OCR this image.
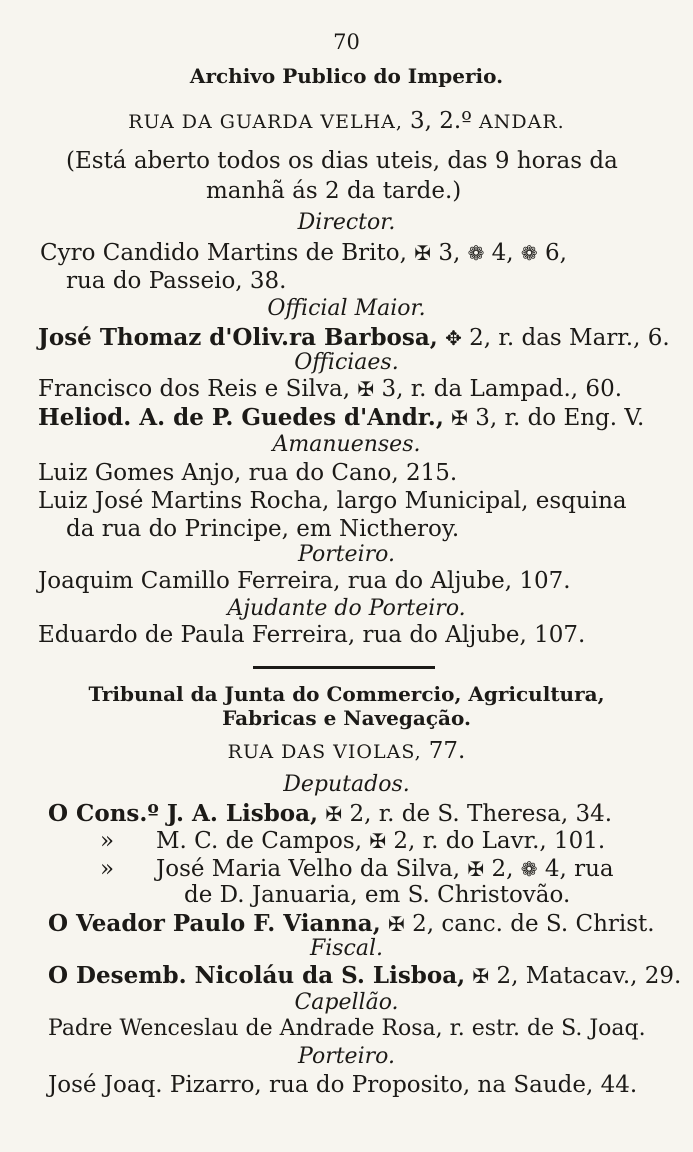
70
Archivo Publico do Imperio.
RUA DA GUARDA VELHA, 3, 2.º ANDAR.
(Está aberto todos os dias uteis, das 9 horas da
manhã ás 2 da tarde.)
Director.
Cyro Candido Martins de Brito, ✠ 3, ❁ 4, ❁ 6,
rua do Passeio, 38.
Official Maior.
José Thomaz d'Oliv.ra Barbosa, ✥ 2, r. das Marr., 6.
Officiaes.
Francisco dos Reis e Silva, ✠ 3, r. da Lampad., 60.
Heliod. A. de P. Guedes d'Andr., ✠ 3, r. do Eng. V.
Amanuenses.
Luiz Gomes Anjo, rua do Cano, 215.
Luiz José Martins Rocha, largo Municipal, esquina
da rua do Principe, em Nictheroy.
Porteiro.
Joaquim Camillo Ferreira, rua do Aljube, 107.
Ajudante do Porteiro.
Eduardo de Paula Ferreira, rua do Aljube, 107.
Tribunal da Junta do Commercio, Agricultura,
Fabricas e Navegação.
RUA DAS VIOLAS, 77.
Deputados.
O Cons.º J. A. Lisboa, ✠ 2, r. de S. Theresa, 34.
» M. C. de Campos, ✠ 2, r. do Lavr., 101.
» José Maria Velho da Silva, ✠ 2, ❁ 4, rua
de D. Januaria, em S. Christovão.
O Veador Paulo F. Vianna, ✠ 2, canc. de S. Christ.
Fiscal.
O Desemb. Nicoláu da S. Lisboa, ✠ 2, Matacav., 29.
Capellão.
Padre Wenceslau de Andrade Rosa, r. estr. de S. Joaq.
Porteiro.
José Joaq. Pizarro, rua do Proposito, na Saude, 44.
